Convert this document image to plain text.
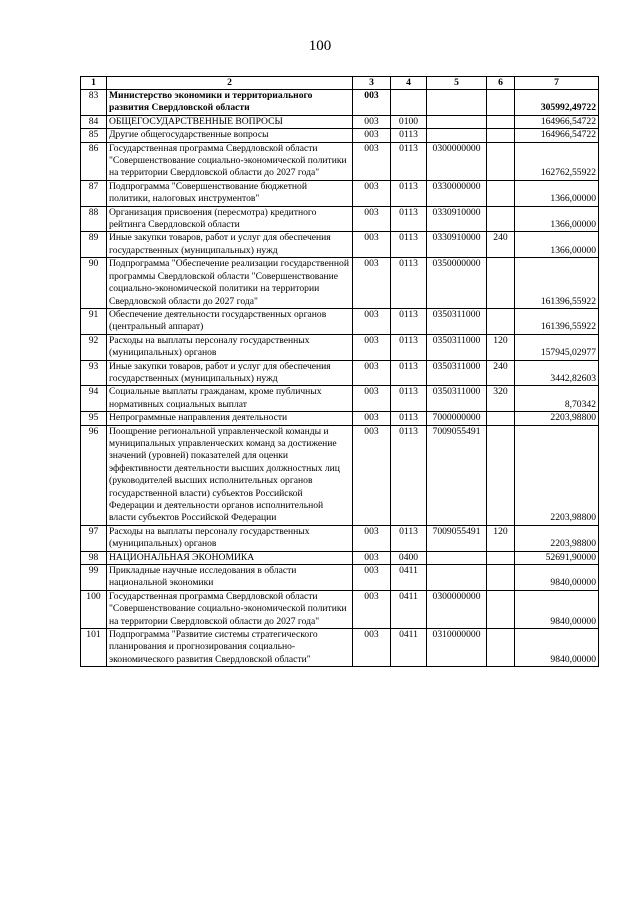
100
1	2	3	4	5	6	7
83	Министерство экономики и территориального развития Свердловской области	003				305992,49722
84	ОБЩЕГОСУДАРСТВЕННЫЕ ВОПРОСЫ	003	0100			164966,54722
85	Другие общегосударственные вопросы	003	0113			164966,54722
86	Государственная программа Свердловской области "Совершенствование социально-экономической политики на территории Свердловской области до 2027 года"	003	0113	0300000000		162762,55922
87	Подпрограмма "Совершенствование бюджетной политики, налоговых инструментов"	003	0113	0330000000		1366,00000
88	Организация присвоения (пересмотра) кредитного рейтинга Свердловской области	003	0113	0330910000		1366,00000
89	Иные закупки товаров, работ и услуг для обеспечения государственных (муниципальных) нужд	003	0113	0330910000	240	1366,00000
90	Подпрограмма "Обеспечение реализации государственной программы Свердловской области "Совершенствование социально-экономической политики на территории Свердловской области до 2027 года"	003	0113	0350000000		161396,55922
91	Обеспечение деятельности государственных органов (центральный аппарат)	003	0113	0350311000		161396,55922
92	Расходы на выплаты персоналу государственных (муниципальных) органов	003	0113	0350311000	120	157945,02977
93	Иные закупки товаров, работ и услуг для обеспечения государственных (муниципальных) нужд	003	0113	0350311000	240	3442,82603
94	Социальные выплаты гражданам, кроме публичных нормативных социальных выплат	003	0113	0350311000	320	8,70342
95	Непрограммные направления деятельности	003	0113	7000000000		2203,98800
96	Поощрение региональной управленческой команды и муниципальных управленческих команд за достижение значений (уровней) показателей для оценки эффективности деятельности высших должностных лиц (руководителей высших исполнительных органов государственной власти) субъектов Российской Федерации и деятельности органов исполнительной власти субъектов Российской Федерации	003	0113	7009055491		2203,98800
97	Расходы на выплаты персоналу государственных (муниципальных) органов	003	0113	7009055491	120	2203,98800
98	НАЦИОНАЛЬНАЯ ЭКОНОМИКА	003	0400			52691,90000
99	Прикладные научные исследования в области национальной экономики	003	0411			9840,00000
100	Государственная программа Свердловской области "Совершенствование социально-экономической политики на территории Свердловской области до 2027 года"	003	0411	0300000000		9840,00000
101	Подпрограмма "Развитие системы стратегического планирования и прогнозирования социально-экономического развития Свердловской области"	003	0411	0310000000		9840,00000
